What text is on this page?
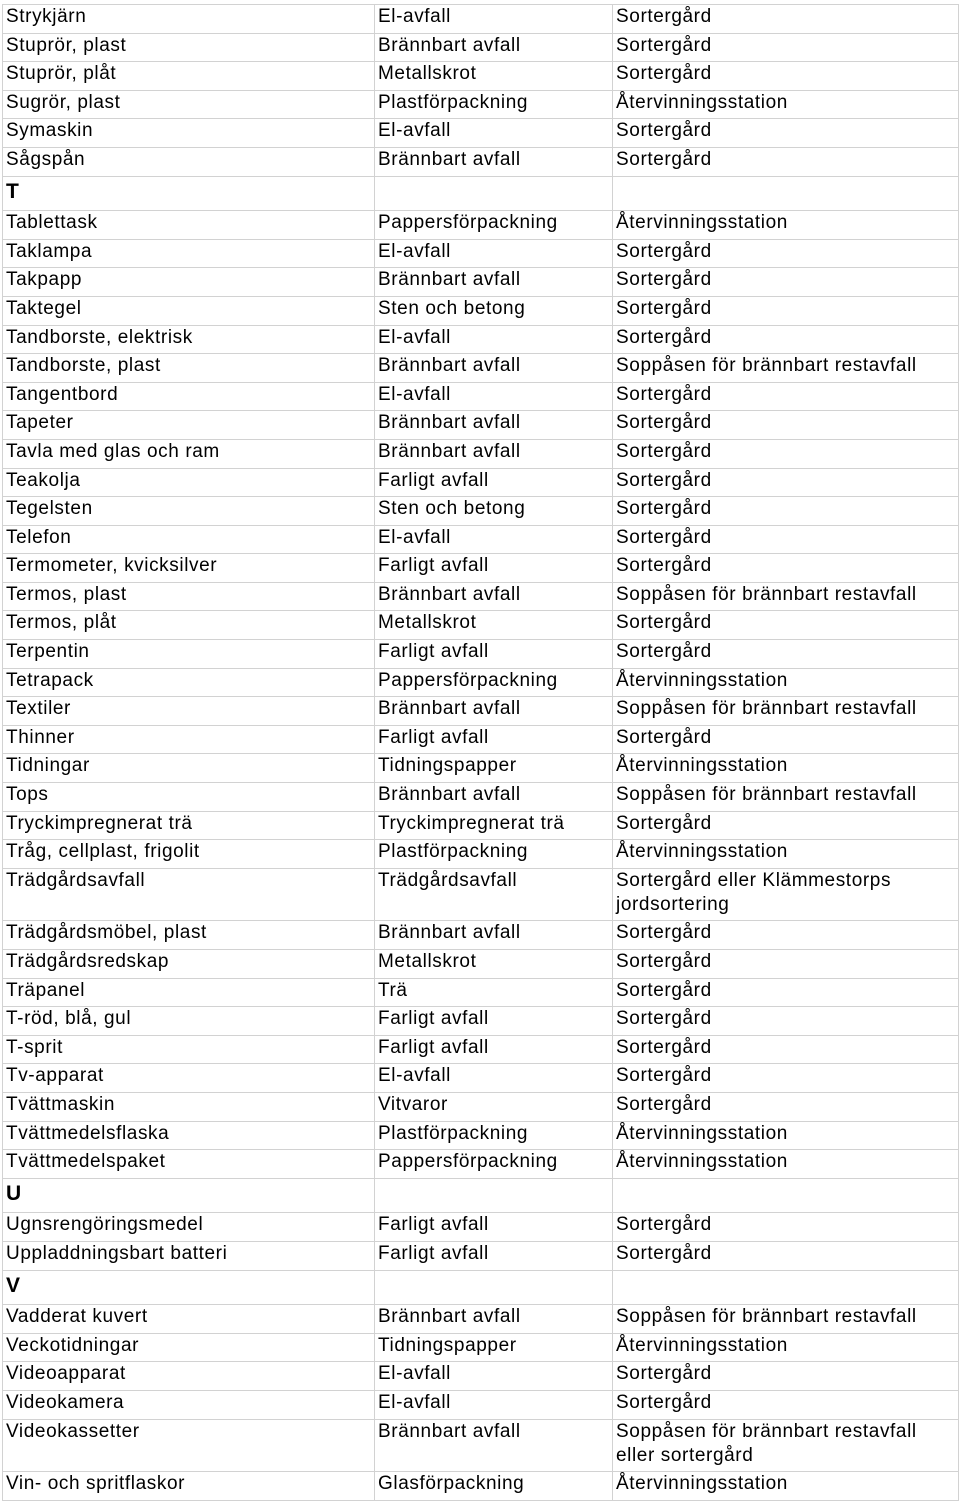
Strykjärn	El-avfall	Sortergård
Stuprör, plast	Brännbart avfall	Sortergård
Stuprör, plåt	Metallskrot	Sortergård
Sugrör, plast	Plastförpackning	Återvinningsstation
Symaskin	El-avfall	Sortergård
Sågspån	Brännbart avfall	Sortergård
T		
Tablettask	Pappersförpackning	Återvinningsstation
Taklampa	El-avfall	Sortergård
Takpapp	Brännbart avfall	Sortergård
Taktegel	Sten och betong	Sortergård
Tandborste, elektrisk	El-avfall	Sortergård
Tandborste, plast	Brännbart avfall	Soppåsen för brännbart restavfall
Tangentbord	El-avfall	Sortergård
Tapeter	Brännbart avfall	Sortergård
Tavla med glas och ram	Brännbart avfall	Sortergård
Teakolja	Farligt avfall	Sortergård
Tegelsten	Sten och betong	Sortergård
Telefon	El-avfall	Sortergård
Termometer, kvicksilver	Farligt avfall	Sortergård
Termos, plast	Brännbart avfall	Soppåsen för brännbart restavfall
Termos, plåt	Metallskrot	Sortergård
Terpentin	Farligt avfall	Sortergård
Tetrapack	Pappersförpackning	Återvinningsstation
Textiler	Brännbart avfall	Soppåsen för brännbart restavfall
Thinner	Farligt avfall	Sortergård
Tidningar	Tidningspapper	Återvinningsstation
Tops	Brännbart avfall	Soppåsen för brännbart restavfall
Tryckimpregnerat trä	Tryckimpregnerat trä	Sortergård
Tråg, cellplast, frigolit	Plastförpackning	Återvinningsstation
Trädgårdsavfall	Trädgårdsavfall	Sortergård eller Klämmestorps jordsortering
Trädgårdsmöbel, plast	Brännbart avfall	Sortergård
Trädgårdsredskap	Metallskrot	Sortergård
Träpanel	Trä	Sortergård
T-röd, blå, gul	Farligt avfall	Sortergård
T-sprit	Farligt avfall	Sortergård
Tv-apparat	El-avfall	Sortergård
Tvättmaskin	Vitvaror	Sortergård
Tvättmedelsflaska	Plastförpackning	Återvinningsstation
Tvättmedelspaket	Pappersförpackning	Återvinningsstation
U		
Ugnsrengöringsmedel	Farligt avfall	Sortergård
Uppladdningsbart batteri	Farligt avfall	Sortergård
V		
Vadderat kuvert	Brännbart avfall	Soppåsen för brännbart restavfall
Veckotidningar	Tidningspapper	Återvinningsstation
Videoapparat	El-avfall	Sortergård
Videokamera	El-avfall	Sortergård
Videokassetter	Brännbart avfall	Soppåsen för brännbart restavfall eller sortergård
Vin- och spritflaskor	Glasförpackning	Återvinningsstation
